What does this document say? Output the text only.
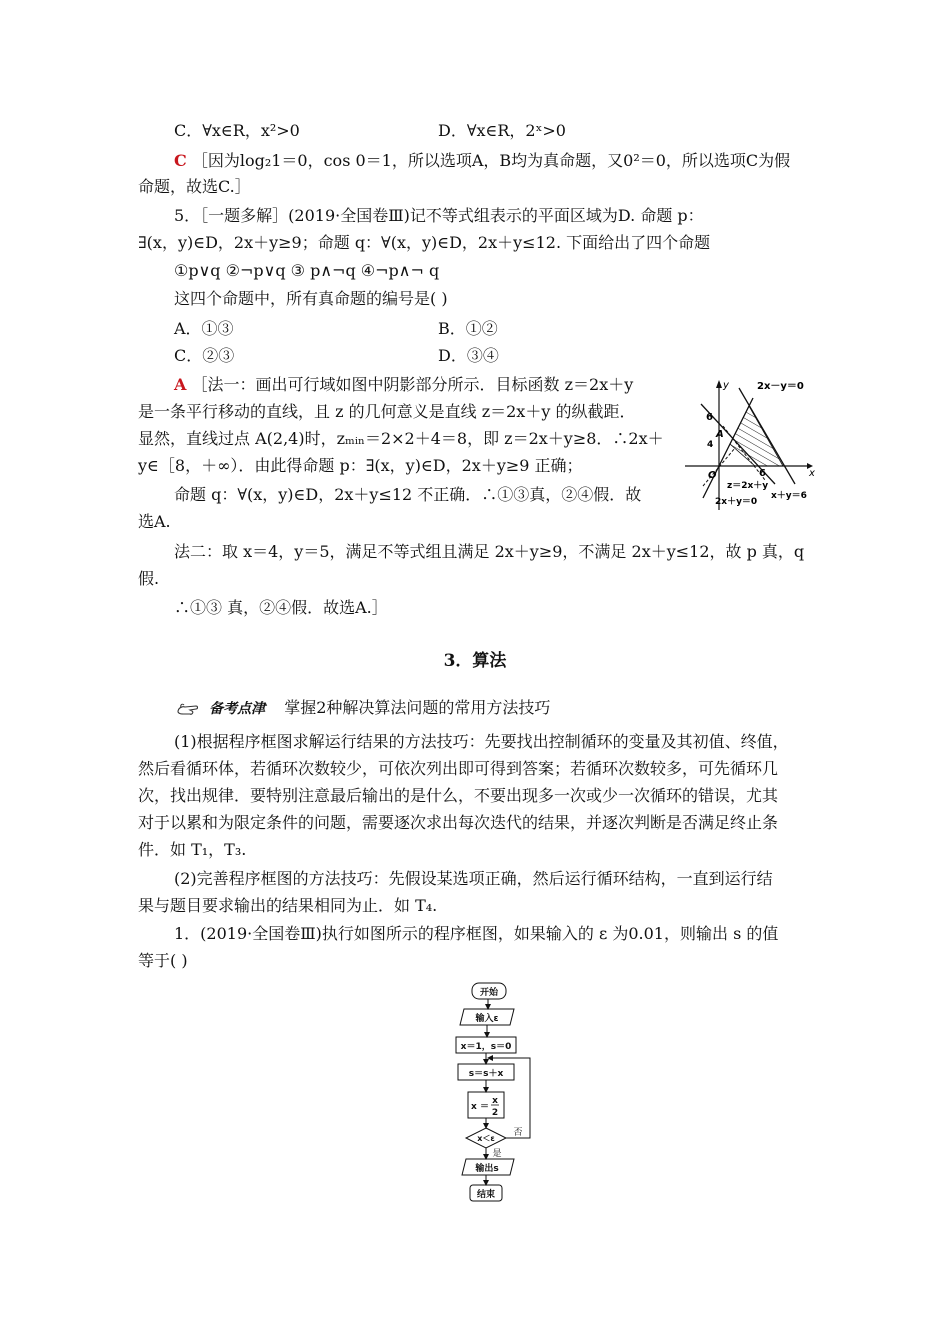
C．∀x∈R，x²>0	D．∀x∈R，2ˣ>0
C ［因为log₂1＝0，cos 0＝1，所以选项A，B均为真命题，又0²＝0，所以选项C为假
命题，故选C.］
5．［一题多解］(2019·全国卷Ⅲ)记不等式组表示的平面区域为D. 命题 p：
∃(x，y)∈D，2x＋y≥9；命题 q：∀(x，y)∈D，2x＋y≤12. 下面给出了四个命题
①p∨q ②¬p∨q ③ p∧¬q ④¬p∧¬ q
这四个命题中，所有真命题的编号是( )
A．①③	B．①②
C．②③	D．③④
A ［法一：画出可行域如图中阴影部分所示．目标函数 z＝2x＋y
是一条平行移动的直线，且 z 的几何意义是直线 z＝2x＋y 的纵截距．
显然，直线过点 A(2,4)时，zₘᵢₙ＝2×2＋4＝8，即 z＝2x＋y≥8．∴2x＋
y∈［8，＋∞）．由此得命题 p：∃(x，y)∈D，2x＋y≥9 正确；
命题 q：∀(x，y)∈D，2x＋y≤12 不正确．∴①③真，②④假．故
选A.
法二：取 x＝4，y＝5，满足不等式组且满足 2x＋y≥9，不满足 2x＋y≤12，故 p 真，q
假.
∴①③ 真，②④假．故选A.］
2x－y＝0
6
4
A
O	6	x
y
z＝2x＋y
2x＋y＝0
x＋y＝6
3．算法
备考点津 掌握2种解决算法问题的常用方法技巧
(1)根据程序框图求解运行结果的方法技巧：先要找出控制循环的变量及其初值、终值，
然后看循环体，若循环次数较少，可依次列出即可得到答案；若循环次数较多，可先循环几
次，找出规律．要特别注意最后输出的是什么，不要出现多一次或少一次循环的错误，尤其
对于以累和为限定条件的问题，需要逐次求出每次迭代的结果，并逐次判断是否满足终止条
件．如 T₁，T₃.
(2)完善程序框图的方法技巧：先假设某选项正确，然后运行循环结构，一直到运行结
果与题目要求输出的结果相同为止．如 T₄.
1．(2019·全国卷Ⅲ)执行如图所示的程序框图，如果输入的 ε 为0.01，则输出 s 的值
等于( )
开始
输入ε
x＝1，s＝0
s＝s＋x
x ＝
x
2
x＜ε
否
是
输出s
结束
